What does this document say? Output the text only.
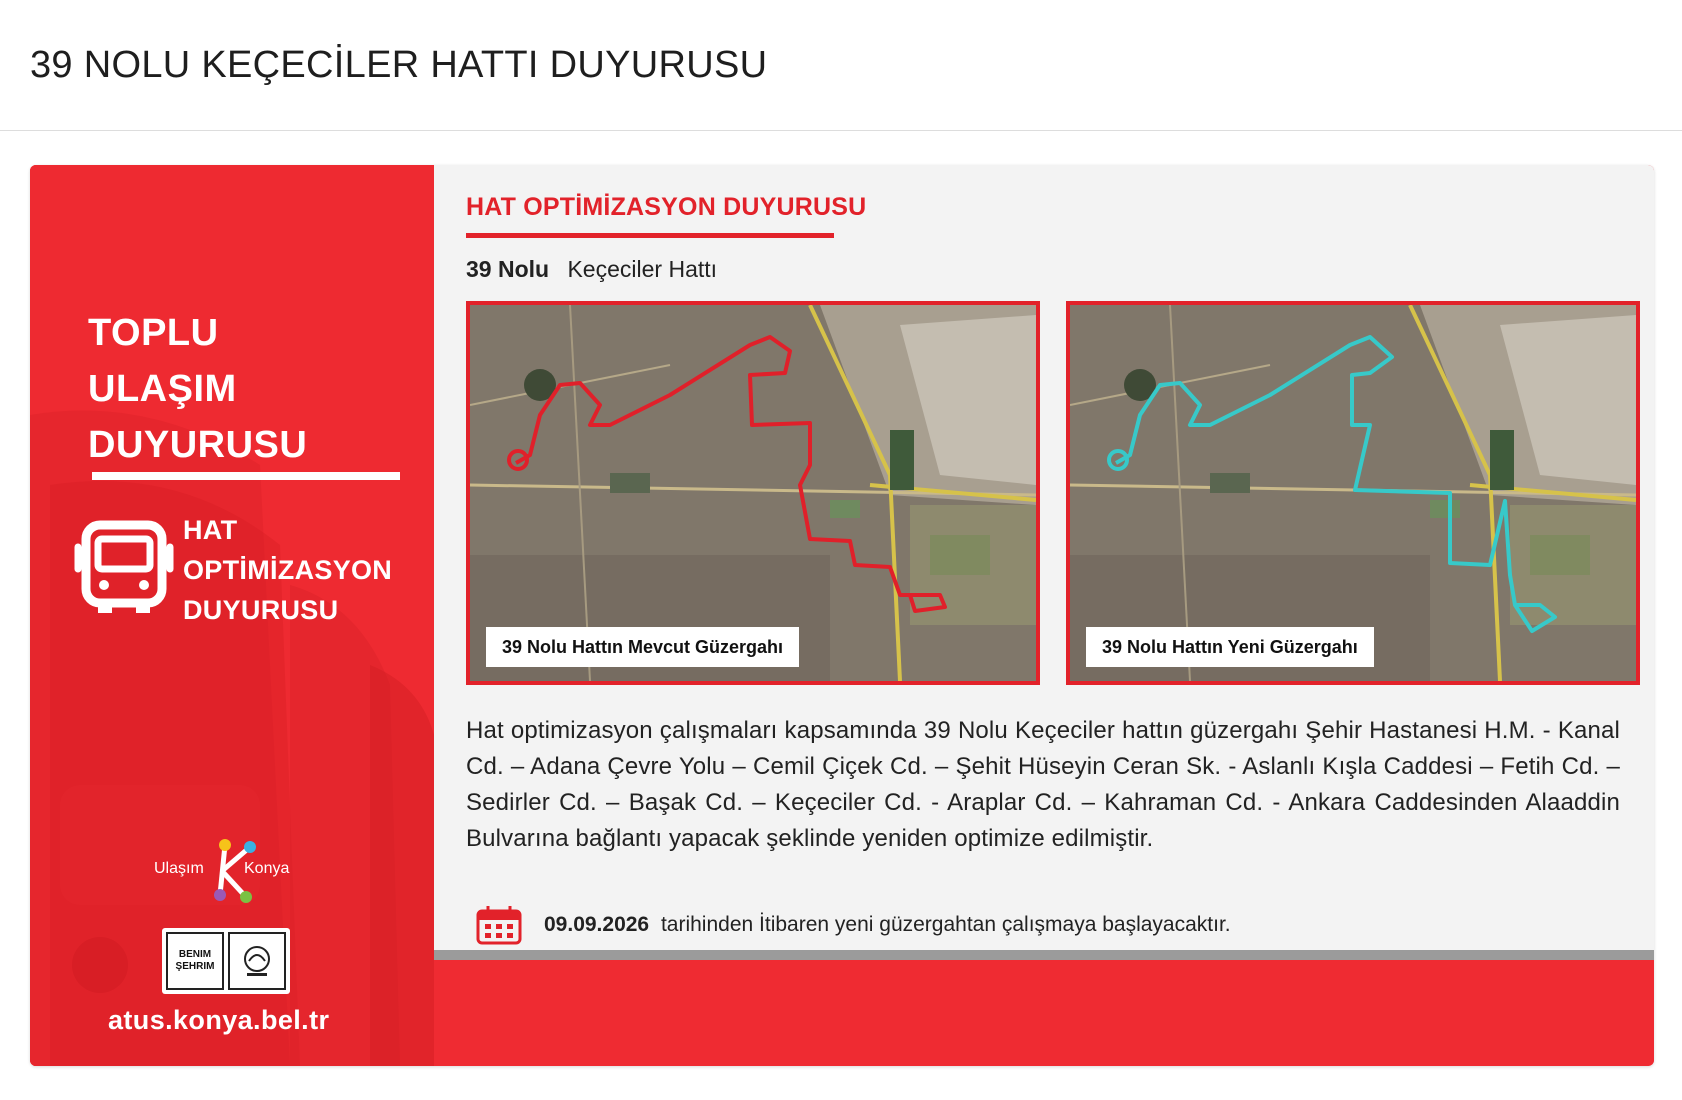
39 NOLU KEÇECİLER HATTI DUYURUSU
TOPLU
ULAŞIM
DUYURUSU
HAT
OPTİMİZASYON
DUYURUSU
Ulaşım	Konya
BENIM
ŞEHRIM
atus.konya.bel.tr
HAT OPTİMİZASYON DUYURUSU
39 Nolu Keçeciler Hattı
39 Nolu Hattın Mevcut Güzergahı	39 Nolu Hattın Yeni Güzergahı
Hat optimizasyon çalışmaları kapsamında 39 Nolu Keçeciler hattın güzergahı Şehir Hastanesi H.M. - Kanal Cd. – Adana Çevre Yolu – Cemil Çiçek Cd. – Şehit Hüseyin Ceran Sk. - Aslanlı Kışla Caddesi – Fetih Cd. – Sedirler Cd. – Başak Cd. – Keçeciler Cd. - Araplar Cd. – Kahraman Cd. - Ankara Caddesinden Alaaddin Bulvarına bağlantı yapacak şeklinde yeniden optimize edilmiştir.
09.09.2026 tarihinden İtibaren yeni güzergahtan çalışmaya başlayacaktır.
